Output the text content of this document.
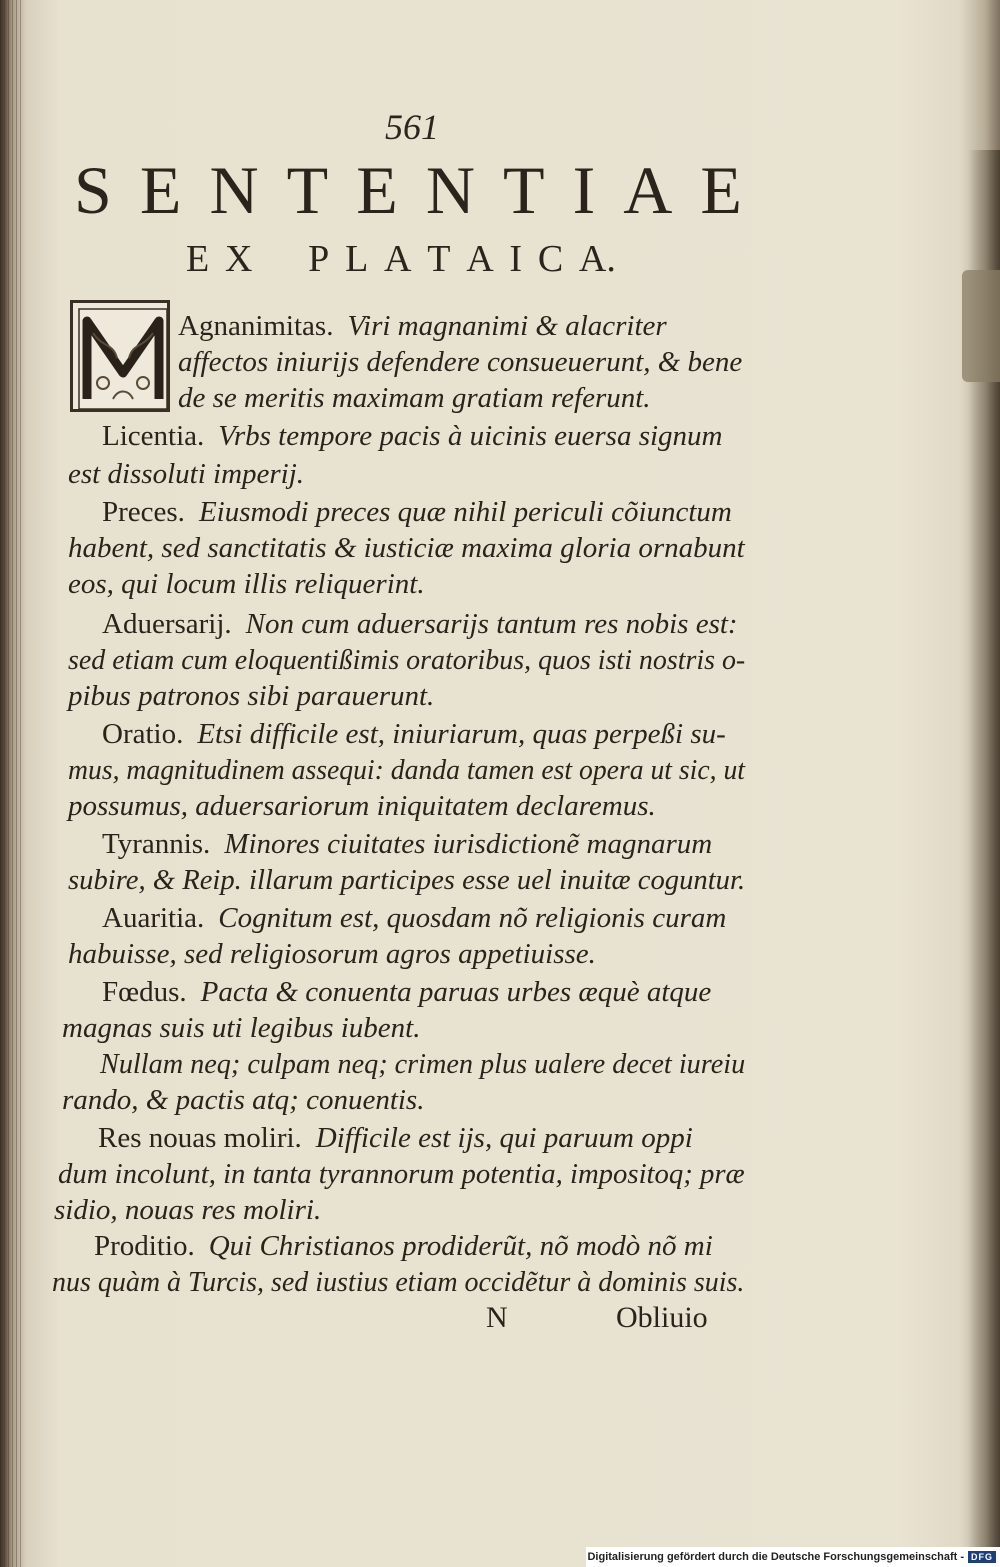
561
S E N T E N T I A E
E X P L A T A I C A.
Agnanimitas. Viri magnanimi & alacriter
affectos iniurijs defendere consueuerunt, & bene
de se meritis maximam gratiam referunt.
Licentia. Vrbs tempore pacis à uicinis euersa signum
est dissoluti imperij.
Preces. Eiusmodi preces quæ nihil periculi cõiunctum
habent, sed sanctitatis & iusticiæ maxima gloria ornabunt
eos, qui locum illis reliquerint.
Aduersarij. Non cum aduersarijs tantum res nobis est:
sed etiam cum eloquentißimis oratoribus, quos isti nostris o-
pibus patronos sibi parauerunt.
Oratio. Etsi difficile est, iniuriarum, quas perpeßi su-
mus, magnitudinem assequi: danda tamen est opera ut sic, ut
possumus, aduersariorum iniquitatem declaremus.
Tyrannis. Minores ciuitates iurisdictionẽ magnarum
subire, & Reip. illarum participes esse uel inuitæ coguntur.
Auaritia. Cognitum est, quosdam nõ religionis curam
habuisse, sed religiosorum agros appetiuisse.
Fœdus. Pacta & conuenta paruas urbes æquè atque
magnas suis uti legibus iubent.
Nullam neq; culpam neq; crimen plus ualere decet iureiu
rando, & pactis atq; conuentis.
Res nouas moliri. Difficile est ijs, qui paruum oppi
dum incolunt, in tanta tyrannorum potentia, impositoq; præ
sidio, nouas res moliri.
Proditio. Qui Christianos prodiderũt, nõ modò nõ mi
nus quàm à Turcis, sed iustius etiam occidẽtur à dominis suis.
N	Obliuio
Digitalisierung gefördert durch die Deutsche Forschungsgemeinschaft - DFG
